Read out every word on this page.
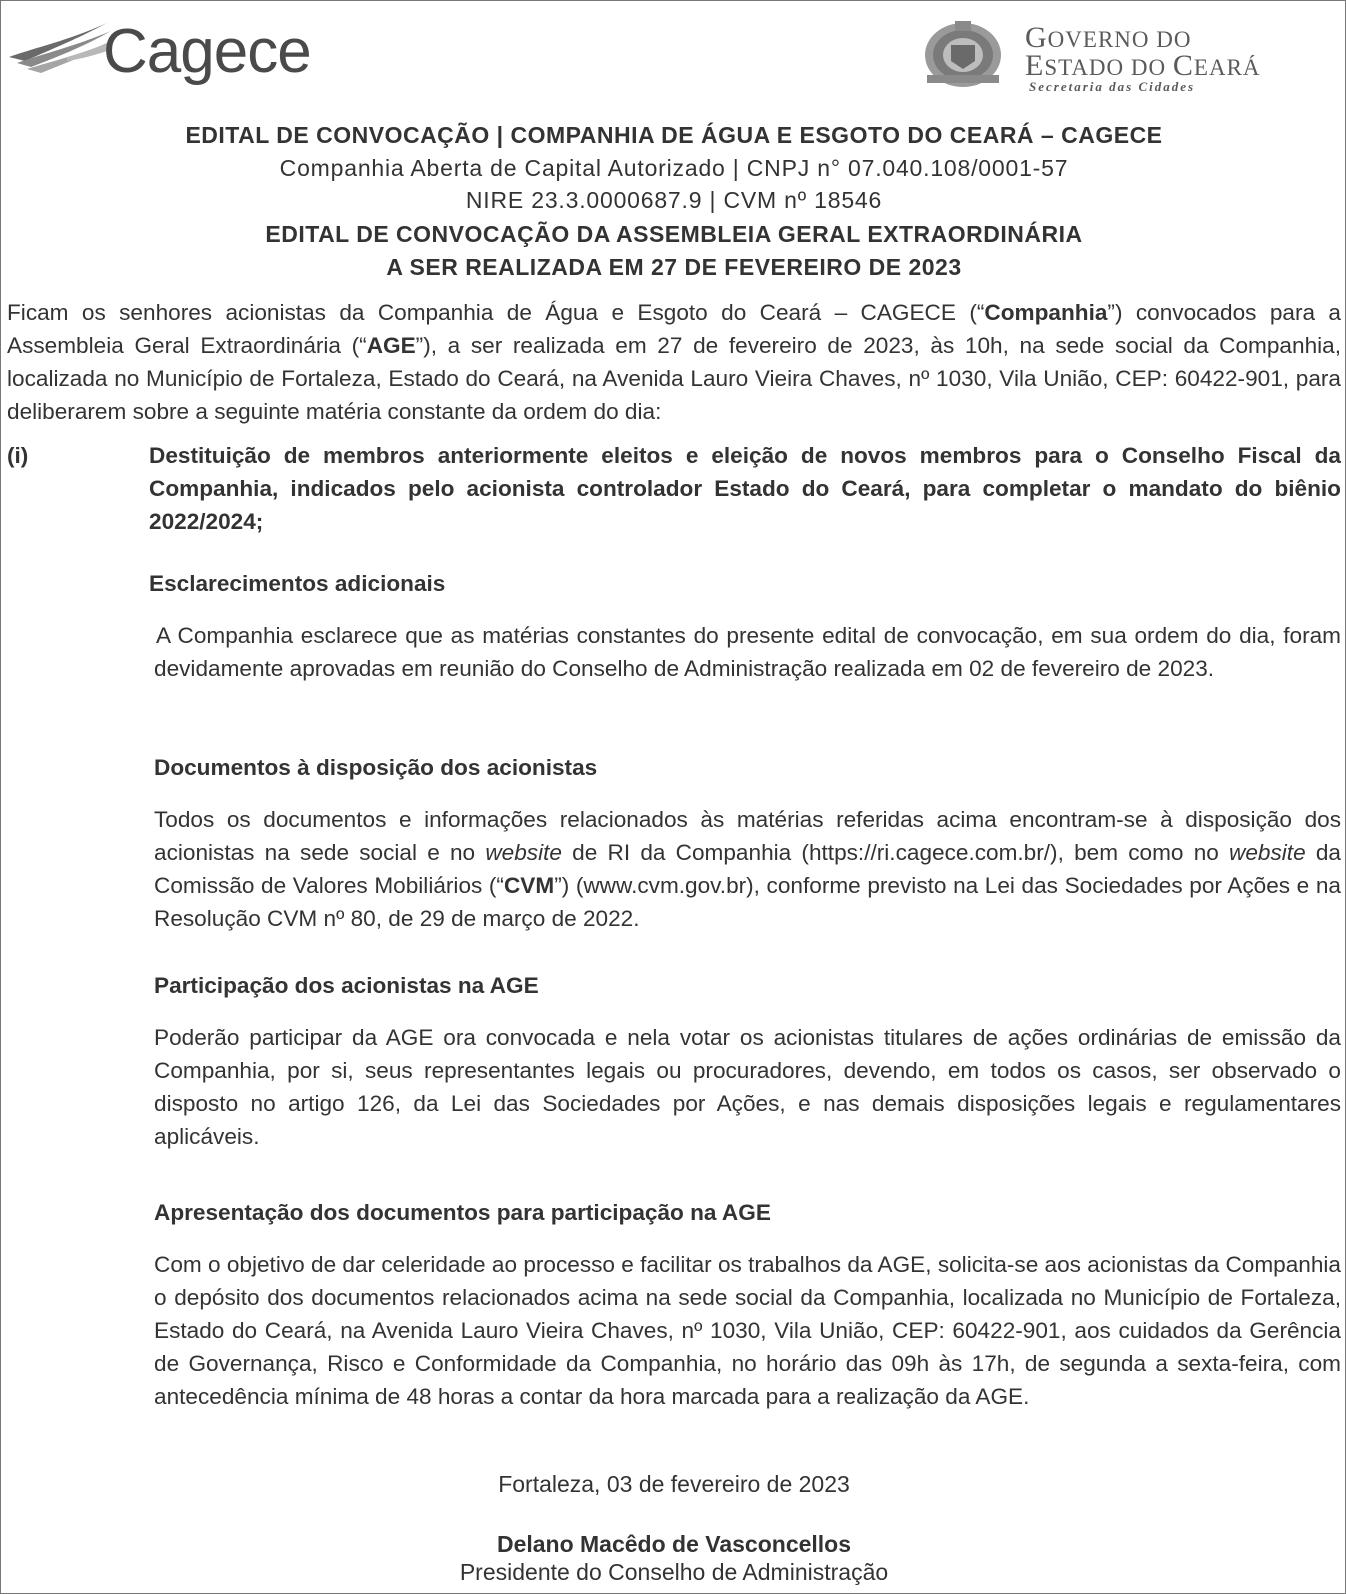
Cagece	GOVERNO DO
ESTADO DO CEARÁ
Secretaria das Cidades
EDITAL DE CONVOCAÇÃO | COMPANHIA DE ÁGUA E ESGOTO DO CEARÁ – CAGECE
Companhia Aberta de Capital Autorizado | CNPJ n° 07.040.108/0001-57
NIRE 23.3.0000687.9 | CVM nº 18546
EDITAL DE CONVOCAÇÃO DA ASSEMBLEIA GERAL EXTRAORDINÁRIA
A SER REALIZADA EM 27 DE FEVEREIRO DE 2023

Ficam os senhores acionistas da Companhia de Água e Esgoto do Ceará – CAGECE (“Companhia”) convocados para a Assembleia Geral Extraordinária (“AGE”), a ser realizada em 27 de fevereiro de 2023, às 10h, na sede social da Companhia, localizada no Município de Fortaleza, Estado do Ceará, na Avenida Lauro Vieira Chaves, nº 1030, Vila União, CEP: 60422-901, para deliberarem sobre a seguinte matéria constante da ordem do dia:

(i)	Destituição de membros anteriormente eleitos e eleição de novos membros para o Conselho Fiscal da Companhia, indicados pelo acionista controlador Estado do Ceará, para completar o mandato do biênio 2022/2024;

Esclarecimentos adicionais

A Companhia esclarece que as matérias constantes do presente edital de convocação, em sua ordem do dia, foram devidamente aprovadas em reunião do Conselho de Administração realizada em 02 de fevereiro de 2023.

Documentos à disposição dos acionistas

Todos os documentos e informações relacionados às matérias referidas acima encontram-se à disposição dos acionistas na sede social e no website de RI da Companhia (https://ri.cagece.com.br/), bem como no website da Comissão de Valores Mobiliários (“CVM”) (www.cvm.gov.br), conforme previsto na Lei das Sociedades por Ações e na Resolução CVM nº 80, de 29 de março de 2022.

Participação dos acionistas na AGE

Poderão participar da AGE ora convocada e nela votar os acionistas titulares de ações ordinárias de emissão da Companhia, por si, seus representantes legais ou procuradores, devendo, em todos os casos, ser observado o disposto no artigo 126, da Lei das Sociedades por Ações, e nas demais disposições legais e regulamentares aplicáveis.

Apresentação dos documentos para participação na AGE

Com o objetivo de dar celeridade ao processo e facilitar os trabalhos da AGE, solicita-se aos acionistas da Companhia o depósito dos documentos relacionados acima na sede social da Companhia, localizada no Município de Fortaleza, Estado do Ceará, na Avenida Lauro Vieira Chaves, nº 1030, Vila União, CEP: 60422-901, aos cuidados da Gerência de Governança, Risco e Conformidade da Companhia, no horário das 09h às 17h, de segunda a sexta-feira, com antecedência mínima de 48 horas a contar da hora marcada para a realização da AGE.

Fortaleza, 03 de fevereiro de 2023
Delano Macêdo de Vasconcellos
Presidente do Conselho de Administração
